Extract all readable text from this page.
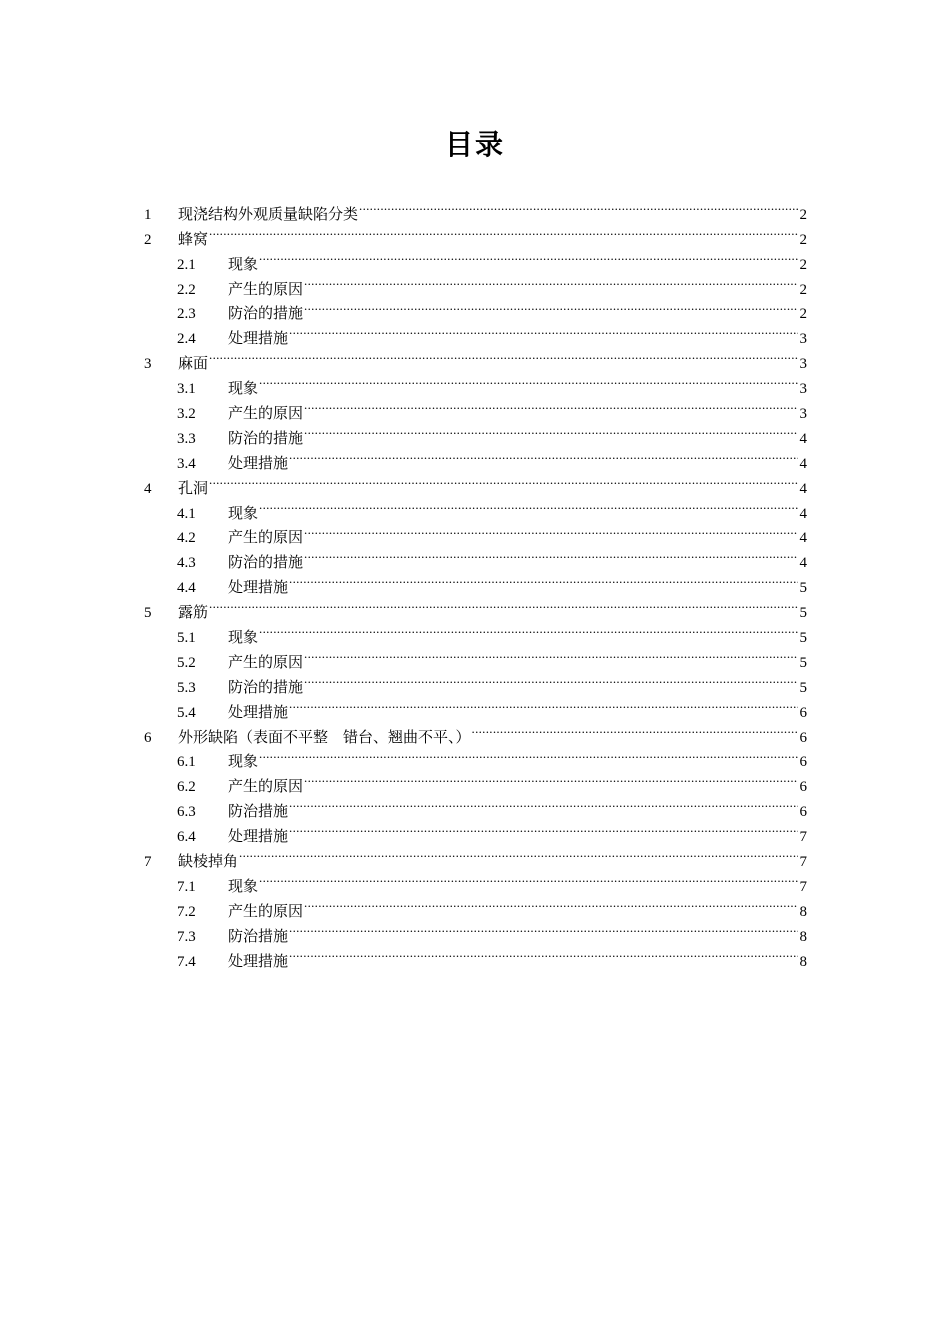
目录
1	现浇结构外观质量缺陷分类 .....	2
2	蜂窝 .....	2
2.1	现象 .....	2
2.2	产生的原因 .....	2
2.3	防治的措施 .....	2
2.4	处理措施 .....	3
3	麻面 .....	3
3.1	现象 .....	3
3.2	产生的原因 .....	3
3.3	防治的措施 .....	4
3.4	处理措施 .....	4
4	孔洞 .....	4
4.1	现象 .....	4
4.2	产生的原因 .....	4
4.3	防治的措施 .....	4
4.4	处理措施 .....	5
5	露筋 .....	5
5.1	现象 .....	5
5.2	产生的原因 .....	5
5.3	防治的措施 .....	5
5.4	处理措施 .....	6
6	外形缺陷（表面不平整　错台、翘曲不平、） .....	6
6.1	现象 .....	6
6.2	产生的原因 .....	6
6.3	防治措施 .....	6
6.4	处理措施 .....	7
7	缺棱掉角 .....	7
7.1	现象 .....	7
7.2	产生的原因 .....	8
7.3	防治措施 .....	8
7.4	处理措施 .....	8
